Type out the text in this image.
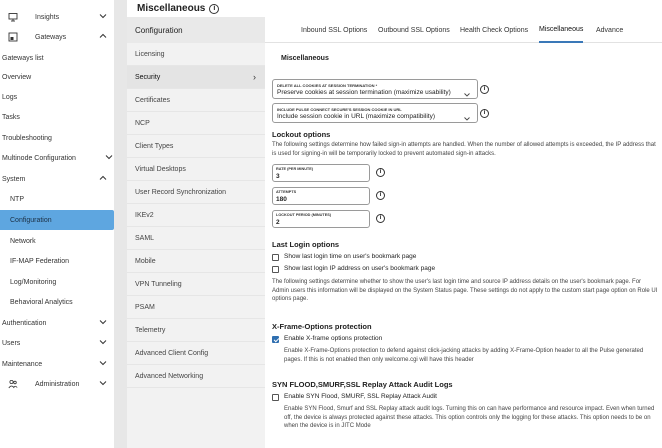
Insights
Gateways
Gateways list
Overview
Logs
Tasks
Troubleshooting
Multinode Configuration
System
NTP
Configuration
Network
IF-MAP Federation
Log/Monitoring
Behavioral Analytics
Authentication
Users
Maintenance
Administration
Miscellaneous	i
Configuration
Licensing
Security	›
Certificates
NCP
Client Types
Virtual Desktops
User Record Synchronization
IKEv2
SAML
Mobile
VPN Tunneling
PSAM
Telemetry
Advanced Client Config
Advanced Networking
Inbound SSL Options Outbound SSL Options Health Check Options Miscellaneous Advance
Miscellaneous
DELETE ALL COOKIES AT SESSION TERMINATION *
Preserve cookies at session termination (maximize usability)	i
INCLUDE PULSE CONNECT SECURE'S SESSION COOKIE IN URL
Include session cookie in URL (maximize compatibility)	i
Lockout options
The following settings determine how failed sign-in attempts are handled. When the number of allowed attempts is exceeded, the IP address that is used for signing-in will be temporarily locked to prevent automated sign-in attacks.
RATE (PER MINUTE)
3
i
ATTEMPTS
180
i
LOCKOUT PERIOD (MINUTES)
2
i
Last Login options
Show last login time on user's bookmark page
Show last login IP address on user's bookmark page
The following settings determine whether to show the user's last login time and source IP address details on the user's bookmark page. For Admin users this information will be displayed on the System Status page. These settings do not apply to the custom start page option on Role UI options page.
X-Frame-Options protection
Enable X-frame options protection
Enable X-Frame-Options protection to defend against click-jacking attacks by adding X-Frame-Option header to all the Pulse generated pages. If this is not enabled then only welcome.cgi will have this header
SYN FLOOD,SMURF,SSL Replay Attack Audit Logs
Enable SYN Flood, SMURF, SSL Replay Attack Audit
Enable SYN Flood, Smurf and SSL Replay attack audit logs. Turning this on can have performance and resource impact. Even when turned off, the device is always protected against these attacks. This option controls only the logging for these attacks. This option needs to be on when the device is in JITC Mode
